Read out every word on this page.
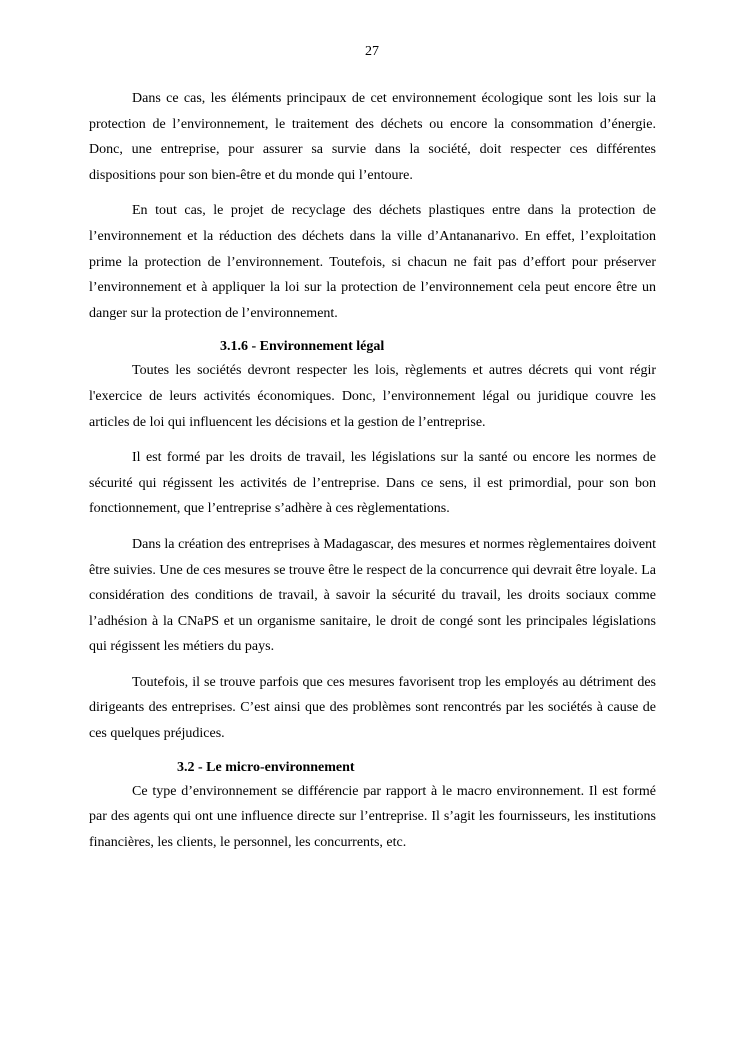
27

Dans ce cas, les éléments principaux de cet environnement écologique sont les lois sur la protection de l’environnement, le traitement des déchets ou encore la consommation d’énergie. Donc, une entreprise, pour assurer sa survie dans la société, doit respecter ces différentes dispositions pour son bien-être et du monde qui l’entoure.

En tout cas, le projet de recyclage des déchets plastiques entre dans la protection de l’environnement et la réduction des déchets dans la ville d’Antananarivo. En effet, l’exploitation prime la protection de l’environnement. Toutefois, si chacun ne fait pas d’effort pour préserver l’environnement et à appliquer la loi sur la protection de l’environnement cela peut encore être un danger sur la protection de l’environnement.

3.1.6 - Environnement légal

Toutes les sociétés devront respecter les lois, règlements et autres décrets qui vont régir l'exercice de leurs activités économiques. Donc, l’environnement légal ou juridique couvre les articles de loi qui influencent les décisions et la gestion de l’entreprise.

Il est formé par les droits de travail, les législations sur la santé ou encore les normes de sécurité qui régissent les activités de l’entreprise. Dans ce sens, il est primordial, pour son bon fonctionnement, que l’entreprise s’adhère à ces règlementations.

Dans la création des entreprises à Madagascar, des mesures et normes règlementaires doivent être suivies. Une de ces mesures se trouve être le respect de la concurrence qui devrait être loyale. La considération des conditions de travail, à savoir la sécurité du travail, les droits sociaux comme l’adhésion à la CNaPS et un organisme sanitaire, le droit de congé sont les principales législations qui régissent les métiers du pays.

Toutefois, il se trouve parfois que ces mesures favorisent trop les employés au détriment des dirigeants des entreprises. C’est ainsi que des problèmes sont rencontrés par les sociétés à cause de ces quelques préjudices.

3.2 - Le micro-environnement

Ce type d’environnement se différencie par rapport à le macro environnement. Il est formé par des agents qui ont une influence directe sur l’entreprise. Il s’agit les fournisseurs, les institutions financières, les clients, le personnel, les concurrents, etc.
